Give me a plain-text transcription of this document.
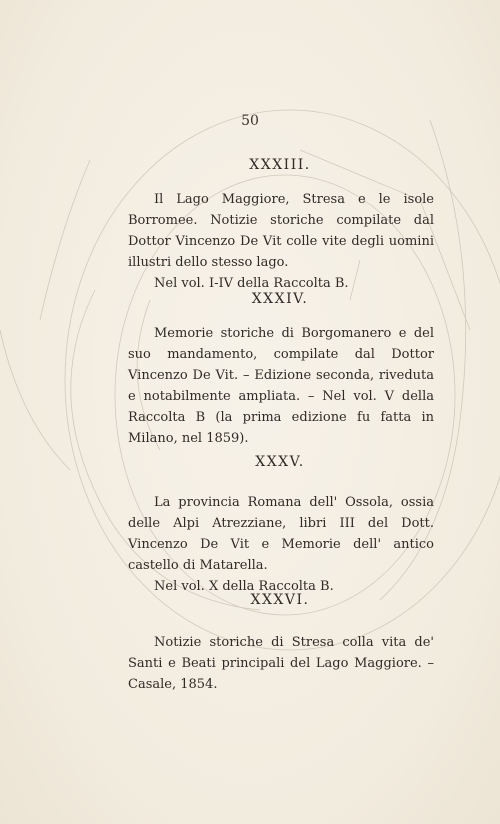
50
XXXIII.

Il Lago Maggiore, Stresa e le isole Borromee. Notizie storiche compilate dal Dottor Vincenzo De Vit colle vite degli uomini illustri dello stesso lago.

Nel vol. I-IV della Raccolta B.

XXXIV.

Memorie storiche di Borgomanero e del suo mandamento, compilate dal Dottor Vincenzo De Vit. – Edizione seconda, riveduta e notabilmente ampliata. – Nel vol. V della Raccolta B (la prima edizione fu fatta in Milano, nel 1859).

XXXV.

La provincia Romana dell' Ossola, ossia delle Alpi Atrezziane, libri III del Dott. Vincenzo De Vit e Memorie dell' antico castello di Matarella.

Nel vol. X della Raccolta B.

XXXVI.

Notizie storiche di Stresa colla vita de' Santi e Beati principali del Lago Maggiore. – Casale, 1854.
